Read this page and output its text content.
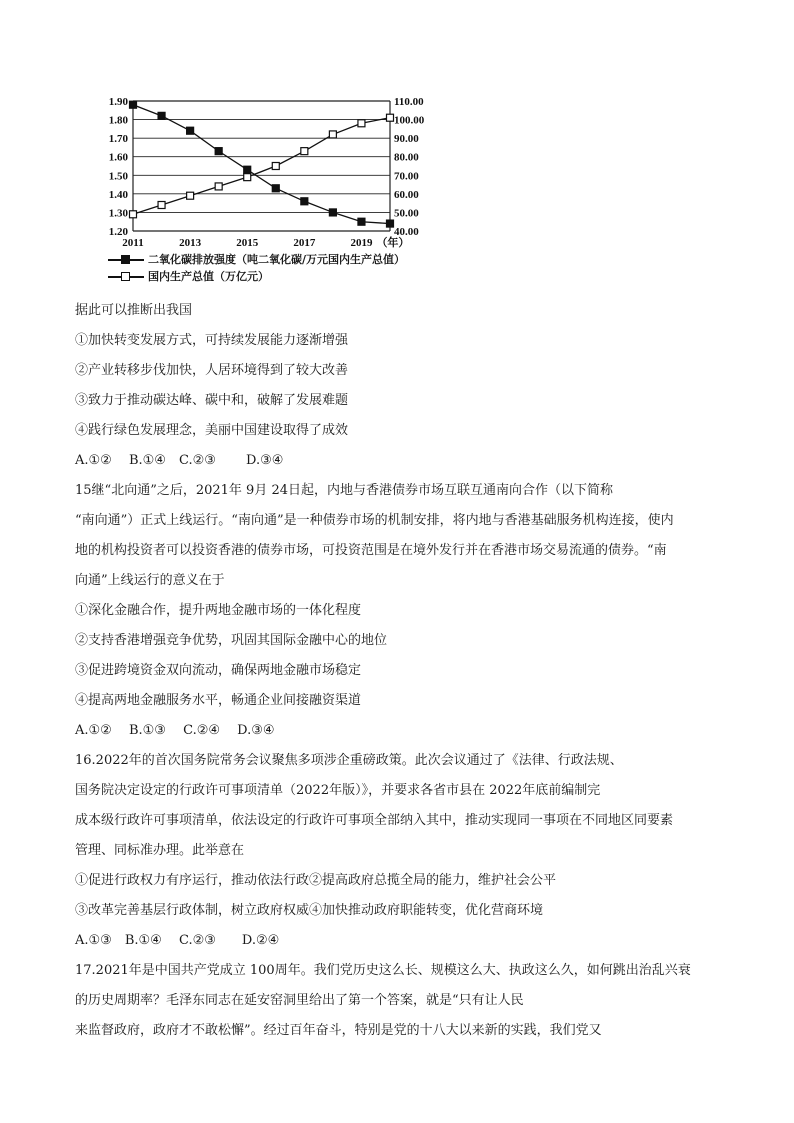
1.90	110.00
1.80	100.00
1.70	90.00
1.60	80.00
1.50	70.00
1.40	60.00
1.30	50.00
1.20	40.00
2011	2013	2015	2017	2019 （年）
二氧化碳排放强度（吨二氧化碳/万元国内生产总值）
国内生产总值（万亿元）
据此可以推断出我国
①加快转变发展方式，可持续发展能力逐渐增强
②产业转移步伐加快，人居环境得到了较大改善
③致力于推动碳达峰、碳中和，破解了发展难题
④践行绿色发展理念，美丽中国建设取得了成效
A.①②　 B.①④　C.②③　　 D.③④
15继“北向通”之后，2021年 9月 24日起，内地与香港债券市场互联互通南向合作（以下简称
“南向通”）正式上线运行。“南向通”是一种债券市场的机制安排，将内地与香港基础服务机构连接，使内
地的机构投资者可以投资香港的债券市场，可投资范围是在境外发行并在香港市场交易流通的债券。“南
向通”上线运行的意义在于
①深化金融合作，提升两地金融市场的一体化程度
②支持香港增强竞争优势，巩固其国际金融中心的地位
③促进跨境资金双向流动，确保两地金融市场稳定
④提高两地金融服务水平，畅通企业间接融资渠道
A.①②　 B.①③　 C.②④　 D.③④
16.2022年的首次国务院常务会议聚焦多项涉企重磅政策。此次会议通过了《法律、行政法规、
国务院决定设定的行政许可事项清单（2022年版）》，并要求各省市县在 2022年底前编制完
成本级行政许可事项清单，依法设定的行政许可事项全部纳入其中，推动实现同一事项在不同地区同要素
管理、同标准办理。此举意在
①促进行政权力有序运行，推动依法行政②提高政府总揽全局的能力，维护社会公平
③改革完善基层行政体制，树立政府权威④加快推动政府职能转变，优化营商环境
A.①③　B.①④　 C.②③　　D.②④
17.2021年是中国共产党成立 100周年。我们党历史这么长、规模这么大、执政这么久，如何跳出治乱兴衰
的历史周期率？毛泽东同志在延安窑洞里给出了第一个答案，就是“只有让人民
来监督政府，政府才不敢松懈”。经过百年奋斗，特别是党的十八大以来新的实践，我们党又
